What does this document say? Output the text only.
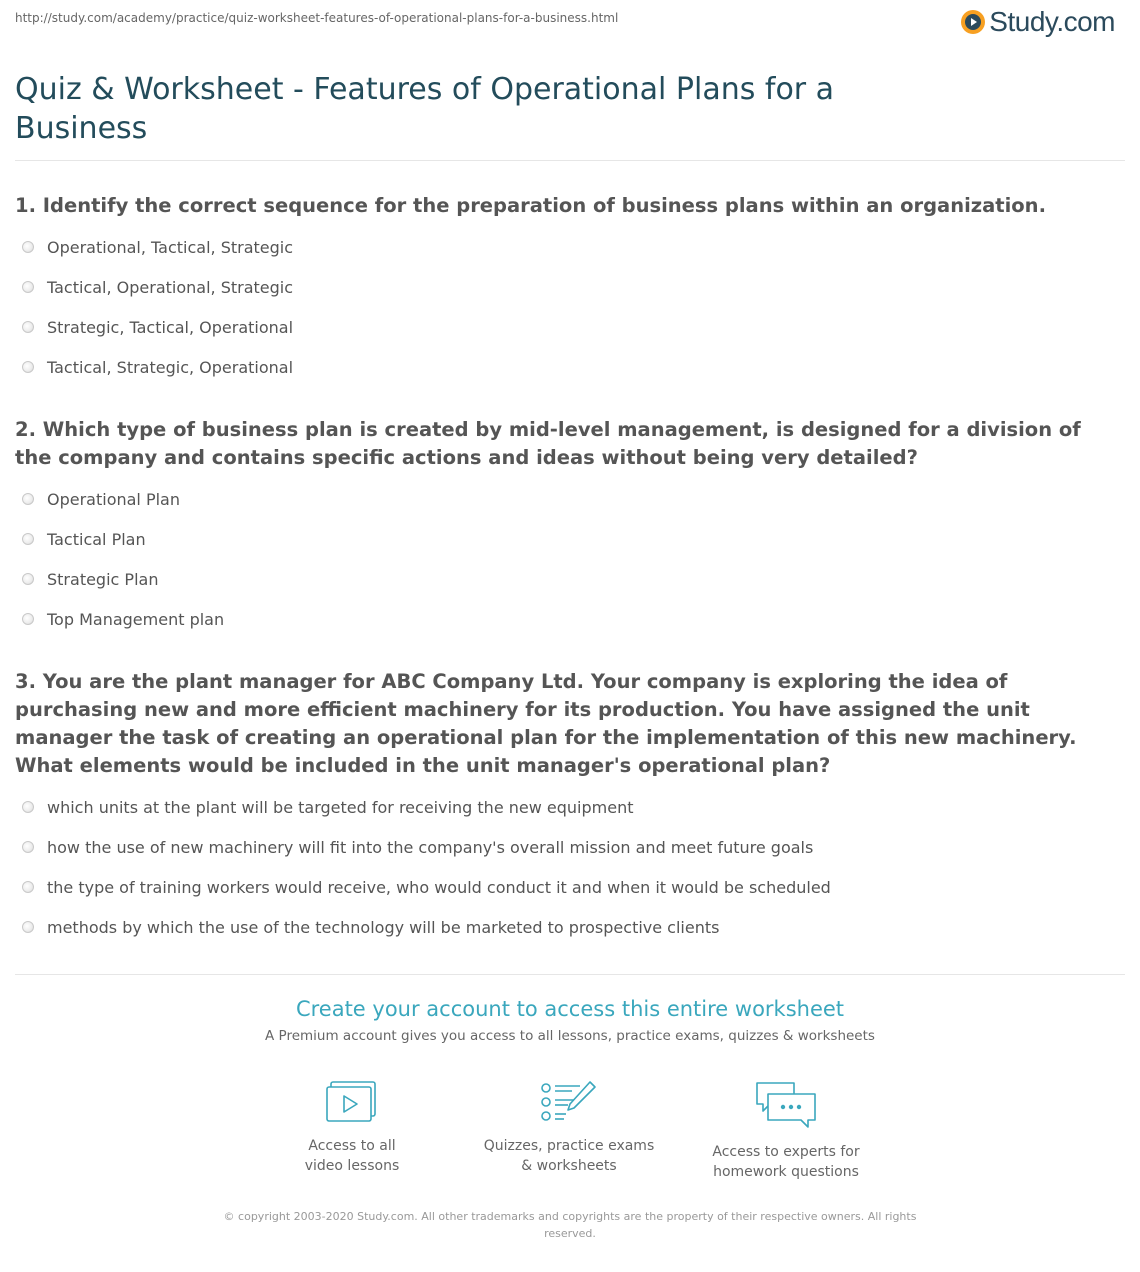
http://study.com/academy/practice/quiz-worksheet-features-of-operational-plans-for-a-business.html	Study.com
Quiz & Worksheet - Features of Operational Plans for a Business
1. Identify the correct sequence for the preparation of business plans within an organization.
Operational, Tactical, Strategic
Tactical, Operational, Strategic
Strategic, Tactical, Operational
Tactical, Strategic, Operational
2. Which type of business plan is created by mid-level management, is designed for a division of the company and contains specific actions and ideas without being very detailed?
Operational Plan
Tactical Plan
Strategic Plan
Top Management plan
3. You are the plant manager for ABC Company Ltd. Your company is exploring the idea of purchasing new and more efficient machinery for its production. You have assigned the unit manager the task of creating an operational plan for the implementation of this new machinery. What elements would be included in the unit manager's operational plan?
which units at the plant will be targeted for receiving the new equipment
how the use of new machinery will fit into the company's overall mission and meet future goals
the type of training workers would receive, who would conduct it and when it would be scheduled
methods by which the use of the technology will be marketed to prospective clients
Create your account to access this entire worksheet
A Premium account gives you access to all lessons, practice exams, quizzes & worksheets
Access to all
video lessons
Quizzes, practice exams
& worksheets
Access to experts for
homework questions
© copyright 2003-2020 Study.com. All other trademarks and copyrights are the property of their respective owners. All rights reserved.
